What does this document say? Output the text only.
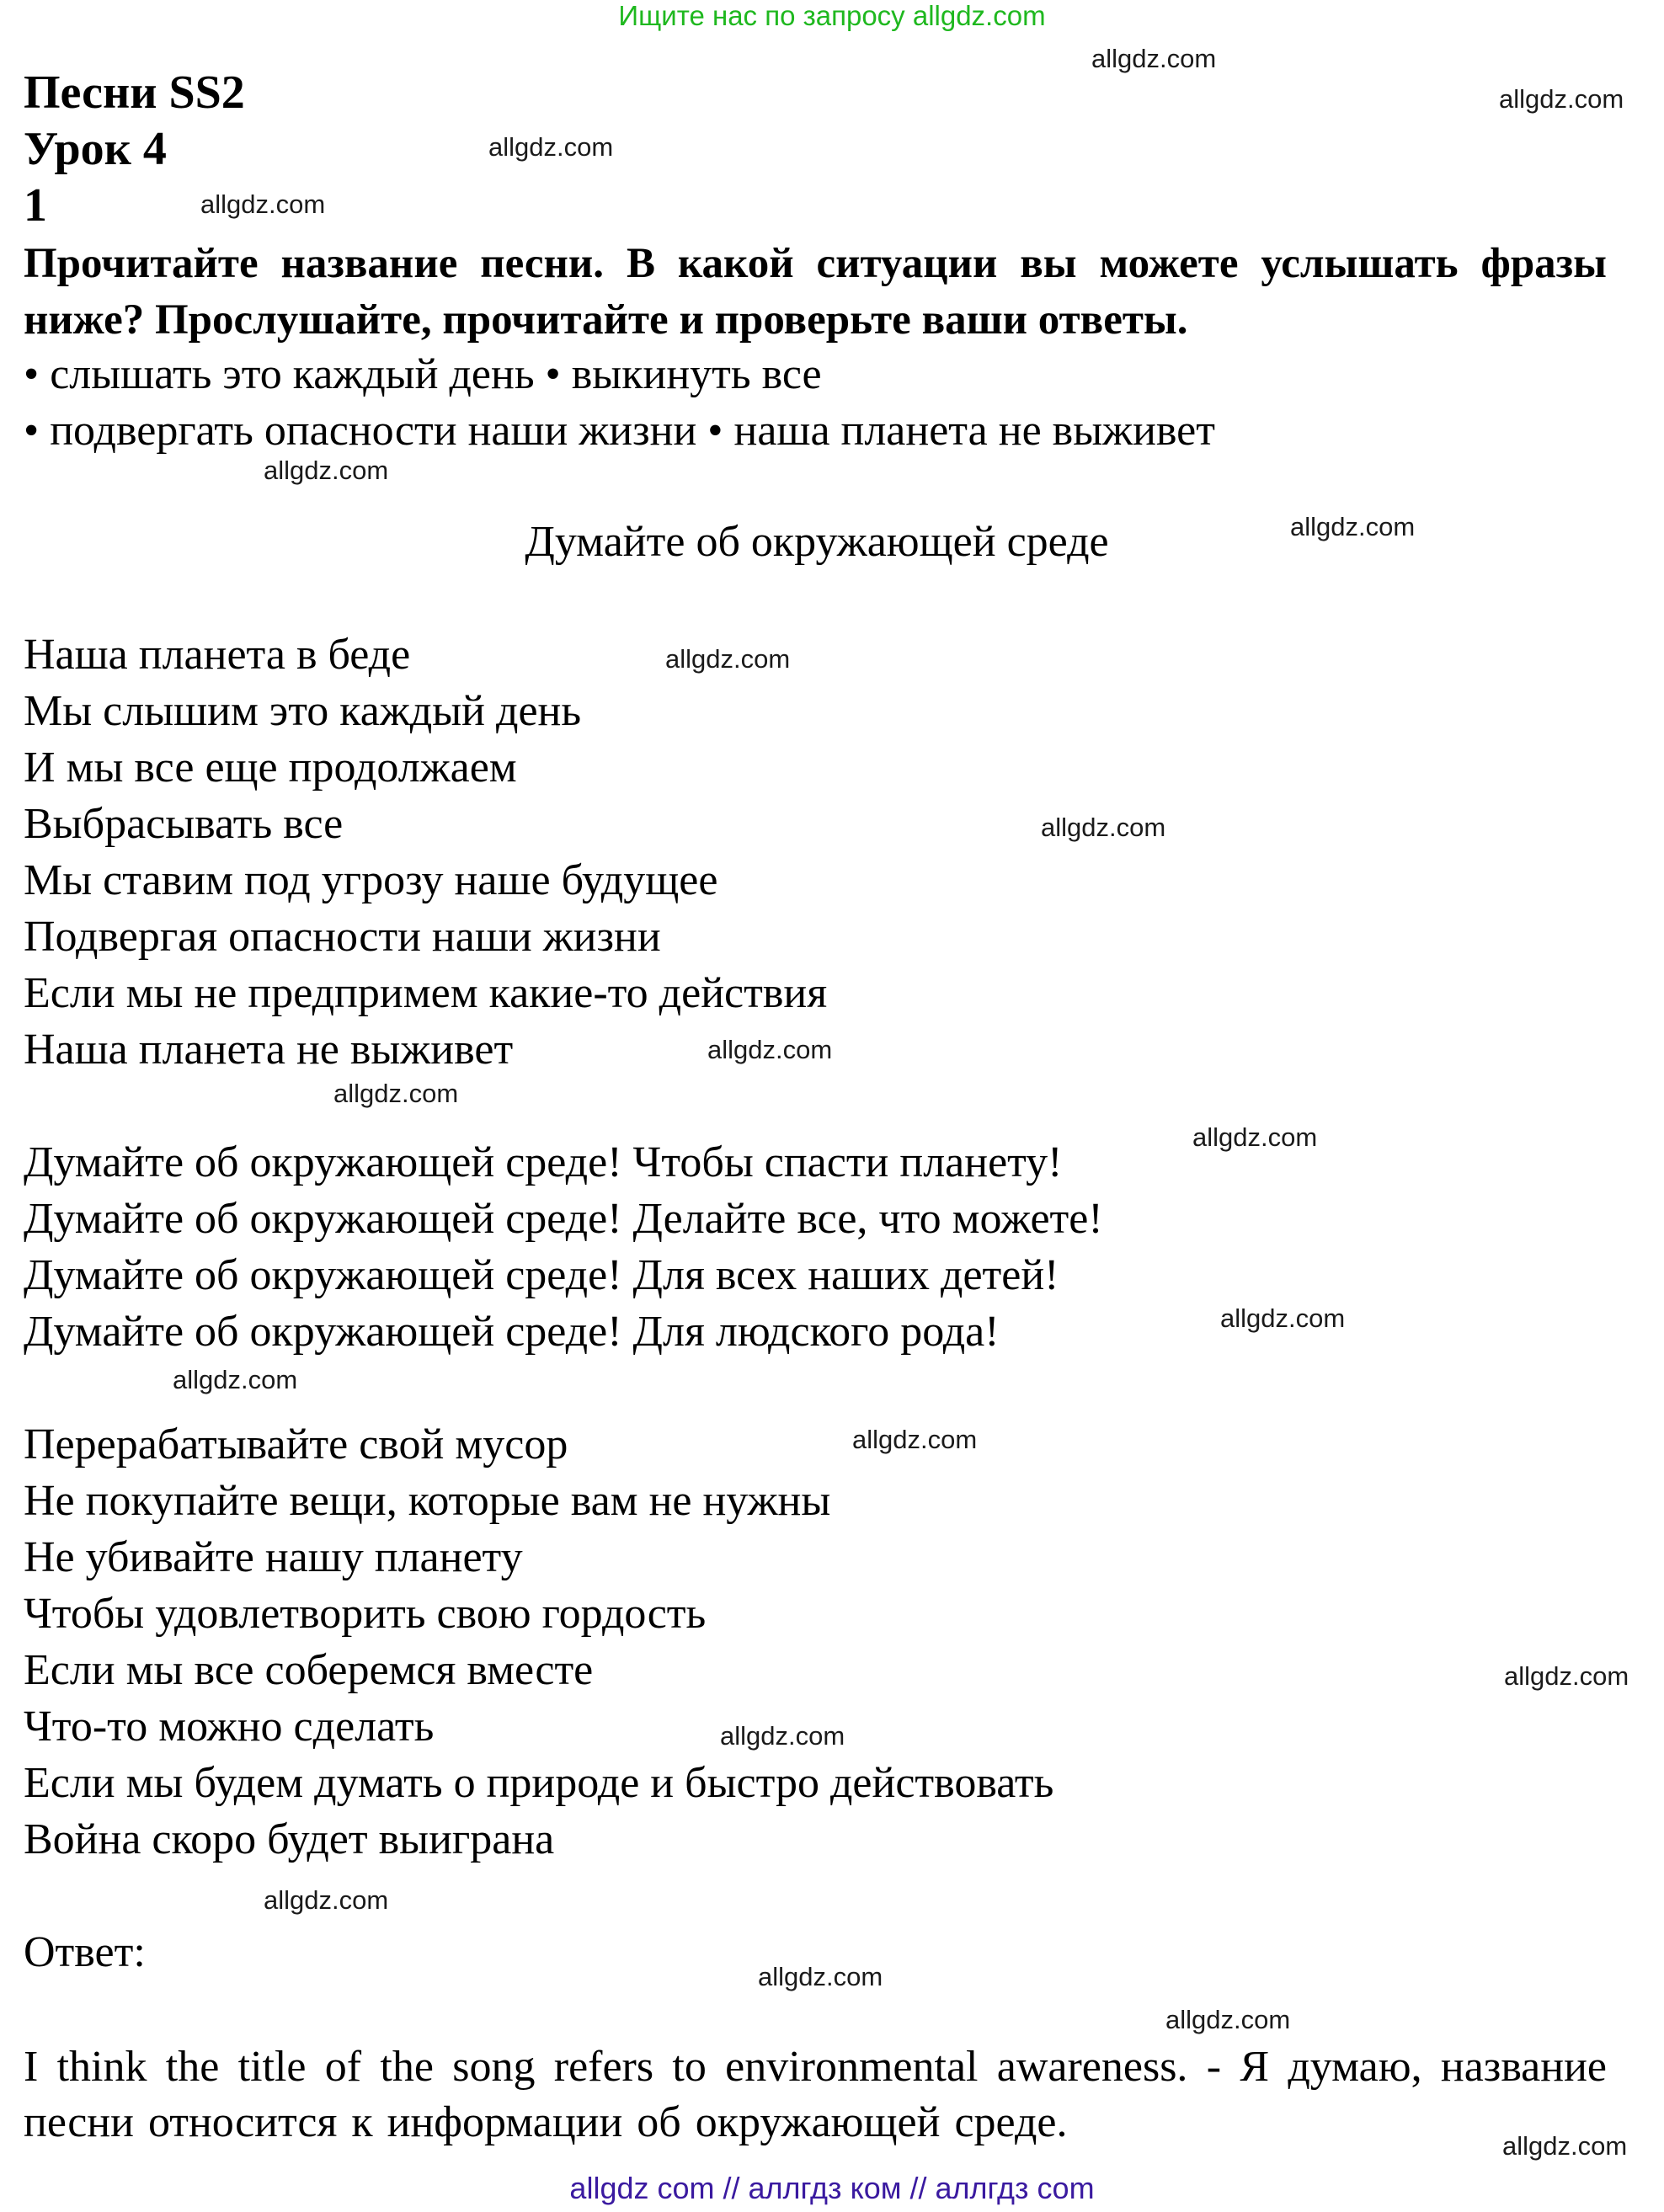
Ищите нас по запросу allgdz.com
Песни SS2
Урок 4
1
Прочитайте название песни. В какой ситуации вы можете услышать фразы ниже? Прослушайте, прочитайте и проверьте ваши ответы.
• слышать это каждый день • выкинуть все
• подвергать опасности наши жизни • наша планета не выживет
Думайте об окружающей среде
Наша планета в беде
Мы слышим это каждый день
И мы все еще продолжаем
Выбрасывать все
Мы ставим под угрозу наше будущее
Подвергая опасности наши жизни
Если мы не предпримем какие-то действия
Наша планета не выживет
Думайте об окружающей среде! Чтобы спасти планету!
Думайте об окружающей среде! Делайте все, что можете!
Думайте об окружающей среде! Для всех наших детей!
Думайте об окружающей среде! Для людского рода!
Перерабатывайте свой мусор
Не покупайте вещи, которые вам не нужны
Не убивайте нашу планету
Чтобы удовлетворить свою гордость
Если мы все соберемся вместе
Что-то можно сделать
Если мы будем думать о природе и быстро действовать
Война скоро будет выиграна
Ответ:
I think the title of the song refers to environmental awareness. - Я думаю, название песни относится к информации об окружающей среде.
allgdz.com
allgdz.com
allgdz.com
allgdz.com
allgdz.com
allgdz.com
allgdz.com
allgdz.com
allgdz.com
allgdz.com
allgdz.com
allgdz.com
allgdz.com
allgdz.com
allgdz.com
allgdz.com
allgdz.com
allgdz.com
allgdz.com
allgdz.com
allgdz com // аллгдз ком // аллгдз com
